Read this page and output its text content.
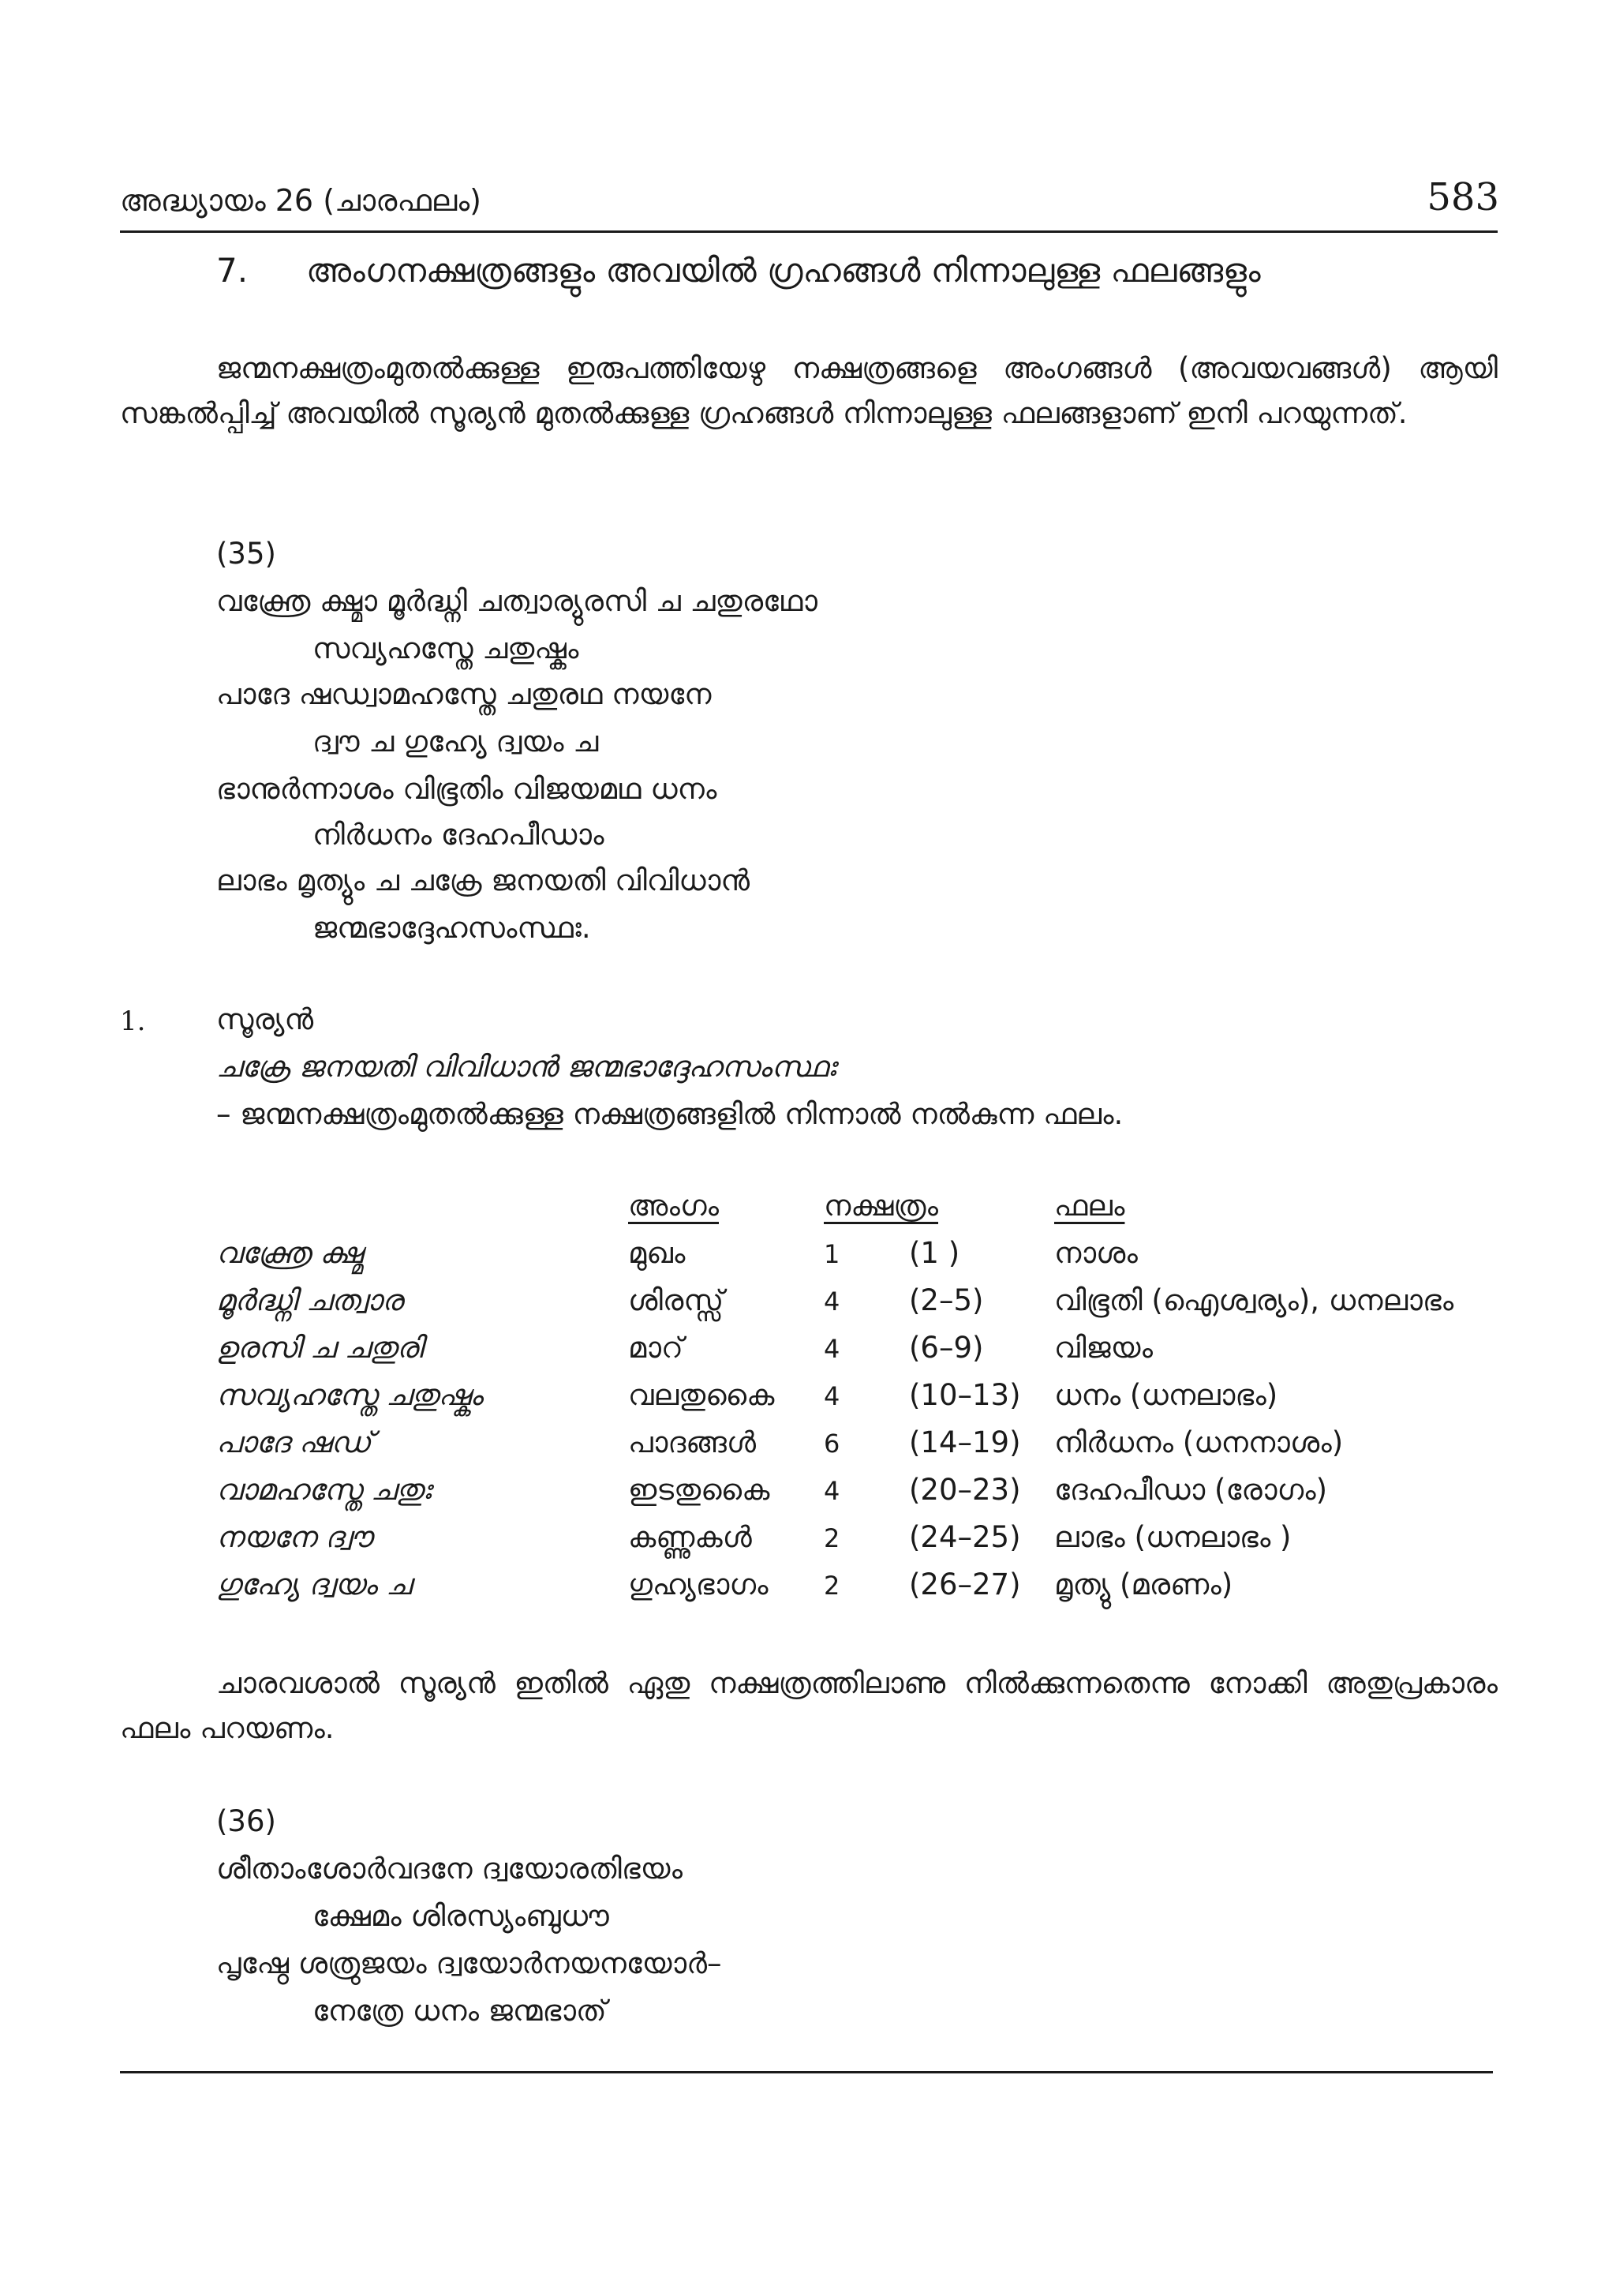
അദ്ധ്യായം 26 (ചാരഫലം)	583
7. അംഗനക്ഷത്രങ്ങളും അവയിൽ ഗ്രഹങ്ങൾ നിന്നാലുള്ള ഫലങ്ങളും

ജന്മനക്ഷത്രംമുതൽക്കുള്ള ഇരുപത്തിയേഴു നക്ഷത്രങ്ങളെ അംഗങ്ങൾ (അവയവങ്ങൾ) ആയി സങ്കൽപ്പിച്ച് അവയിൽ സൂര്യൻ മുതൽക്കുള്ള ഗ്രഹങ്ങൾ നിന്നാലുള്ള ഫലങ്ങളാണ് ഇനി പറയുന്നത്.

(35)
വക്ത്രേ ക്ഷ്മാ മൂർദ്ധ്നി ചത്വാര്യുരസി ച ചതുരഥോ
സവ്യഹസ്തേ ചതുഷ്കം
പാദേ ഷഡ്വാമഹസ്തേ ചതുരഥ നയനേ
ദ്വൗ ച ഗുഹ്യേ ദ്വയം ച
ഭാനുർന്നാശം വിഭൂതിം വിജയമഥ ധനം
നിർധനം ദേഹപീഡാം
ലാഭം മൃത്യും ച ചക്രേ ജനയതി വിവിധാൻ
ജന്മഭാദ്ദേഹസംസ്ഥഃ.
1. സൂര്യൻ
ചക്രേ ജനയതി വിവിധാൻ ജന്മഭാദ്ദേഹസംസ്ഥഃ
– ജന്മനക്ഷത്രംമുതൽക്കുള്ള നക്ഷത്രങ്ങളിൽ നിന്നാൽ നൽകുന്ന ഫലം.
അംഗം	നക്ഷത്രം	ഫലം
വക്ത്രേ ക്ഷ്മ	മുഖം	1 (1 )	നാശം
മൂർദ്ധ്നി ചത്വാര	ശിരസ്സ്	4 (2–5) വിഭൂതി (ഐശ്വര്യം), ധനലാഭം
ഉരസി ച ചതുരി	മാറ്	4 (6–9) വിജയം
സവ്യഹസ്തേ ചതുഷ്കം	വലതുകൈ 4 (10–13) ധനം (ധനലാഭം)
പാദേ ഷഡ്	പാദങ്ങൾ	6 (14–19) നിർധനം (ധനനാശം)
വാമഹസ്തേ ചതുഃ	ഇടതുകൈ 4 (20–23) ദേഹപീഡാ (രോഗം)
നയനേ ദ്വൗ	കണ്ണുകൾ	2 (24–25) ലാഭം (ധനലാഭം )
ഗുഹ്യേ ദ്വയം ച	ഗുഹ്യഭാഗം 2 (26–27) മൃത്യു (മരണം)

ചാരവശാൽ സൂര്യൻ ഇതിൽ ഏതു നക്ഷത്രത്തിലാണു നിൽക്കുന്നതെന്നു നോക്കി അതുപ്രകാരം ഫലം പറയണം.

(36)
ശീതാംശോർവദനേ ദ്വയോരതിഭയം
ക്ഷേമം ശിരസ്യംബുധൗ
പൃഷ്ഠേ ശത്രുജയം ദ്വയോർനയനയോർ–
നേത്രേ ധനം ജന്മഭാത്
